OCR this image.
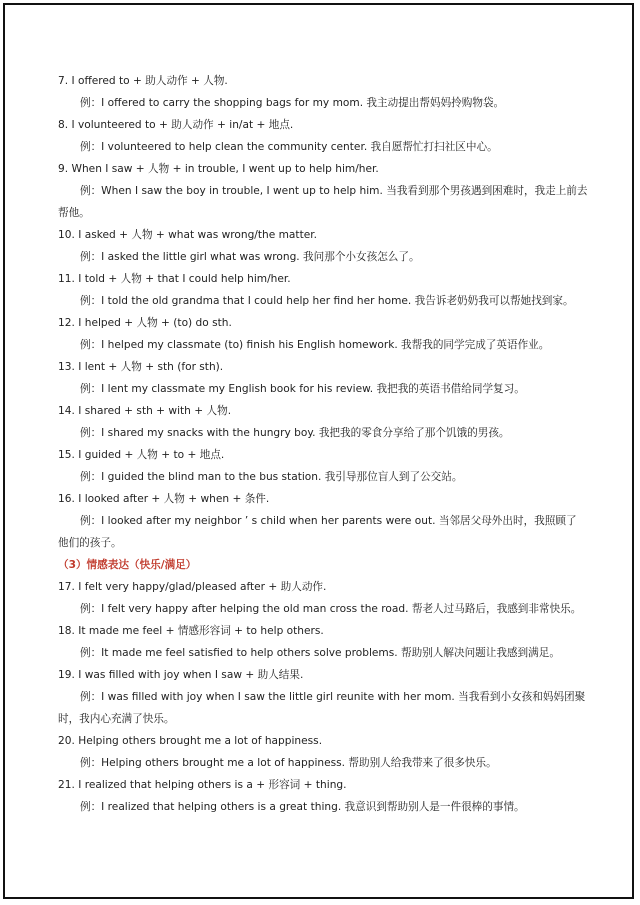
7. I offered to + 助人动作 + 人物.
例：I offered to carry the shopping bags for my mom. 我主动提出帮妈妈拎购物袋。
8. I volunteered to + 助人动作 + in/at + 地点.
例：I volunteered to help clean the community center. 我自愿帮忙打扫社区中心。
9. When I saw + 人物 + in trouble, I went up to help him/her.
例：When I saw the boy in trouble, I went up to help him. 当我看到那个男孩遇到困难时，我走上前去
帮他。
10. I asked + 人物 + what was wrong/the matter.
例：I asked the little girl what was wrong. 我问那个小女孩怎么了。
11. I told + 人物 + that I could help him/her.
例：I told the old grandma that I could help her find her home. 我告诉老奶奶我可以帮她找到家。
12. I helped + 人物 + (to) do sth.
例：I helped my classmate (to) finish his English homework. 我帮我的同学完成了英语作业。
13. I lent + 人物 + sth (for sth).
例：I lent my classmate my English book for his review. 我把我的英语书借给同学复习。
14. I shared + sth + with + 人物.
例：I shared my snacks with the hungry boy. 我把我的零食分享给了那个饥饿的男孩。
15. I guided + 人物 + to + 地点.
例：I guided the blind man to the bus station. 我引导那位盲人到了公交站。
16. I looked after + 人物 + when + 条件.
例：I looked after my neighbor ’ s child when her parents were out. 当邻居父母外出时，我照顾了
他们的孩子。
（3）情感表达（快乐/满足）
17. I felt very happy/glad/pleased after + 助人动作.
例：I felt very happy after helping the old man cross the road. 帮老人过马路后，我感到非常快乐。
18. It made me feel + 情感形容词 + to help others.
例：It made me feel satisfied to help others solve problems. 帮助别人解决问题让我感到满足。
19. I was filled with joy when I saw + 助人结果.
例：I was filled with joy when I saw the little girl reunite with her mom. 当我看到小女孩和妈妈团聚
时，我内心充满了快乐。
20. Helping others brought me a lot of happiness.
例：Helping others brought me a lot of happiness. 帮助别人给我带来了很多快乐。
21. I realized that helping others is a + 形容词 + thing.
例：I realized that helping others is a great thing. 我意识到帮助别人是一件很棒的事情。
